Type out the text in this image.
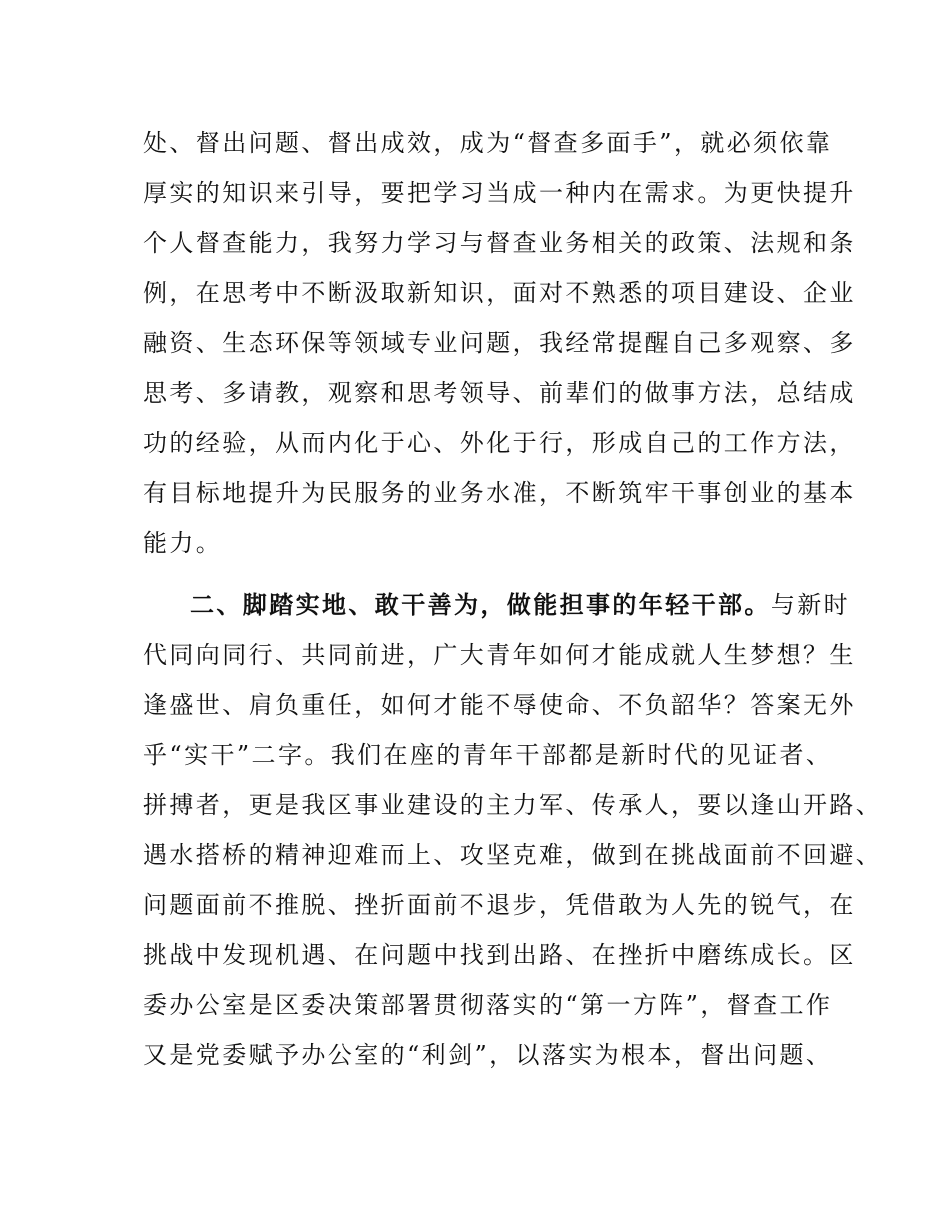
处、督出问题、督出成效，成为“督查多面手”，就必须依靠
厚实的知识来引导，要把学习当成一种内在需求。为更快提升
个人督查能力，我努力学习与督查业务相关的政策、法规和条
例，在思考中不断汲取新知识，面对不熟悉的项目建设、企业
融资、生态环保等领域专业问题，我经常提醒自己多观察、多
思考、多请教，观察和思考领导、前辈们的做事方法，总结成
功的经验，从而内化于心、外化于行，形成自己的工作方法，
有目标地提升为民服务的业务水准，不断筑牢干事创业的基本
能力。
二、脚踏实地、敢干善为，做能担事的年轻干部。与新时
代同向同行、共同前进，广大青年如何才能成就人生梦想？生
逢盛世、肩负重任，如何才能不辱使命、不负韶华？答案无外
乎“实干”二字。我们在座的青年干部都是新时代的见证者、
拼搏者，更是我区事业建设的主力军、传承人，要以逢山开路、
遇水搭桥的精神迎难而上、攻坚克难，做到在挑战面前不回避、
问题面前不推脱、挫折面前不退步，凭借敢为人先的锐气，在
挑战中发现机遇、在问题中找到出路、在挫折中磨练成长。区
委办公室是区委决策部署贯彻落实的“第一方阵”，督查工作
又是党委赋予办公室的“利剑”，以落实为根本，督出问题、
